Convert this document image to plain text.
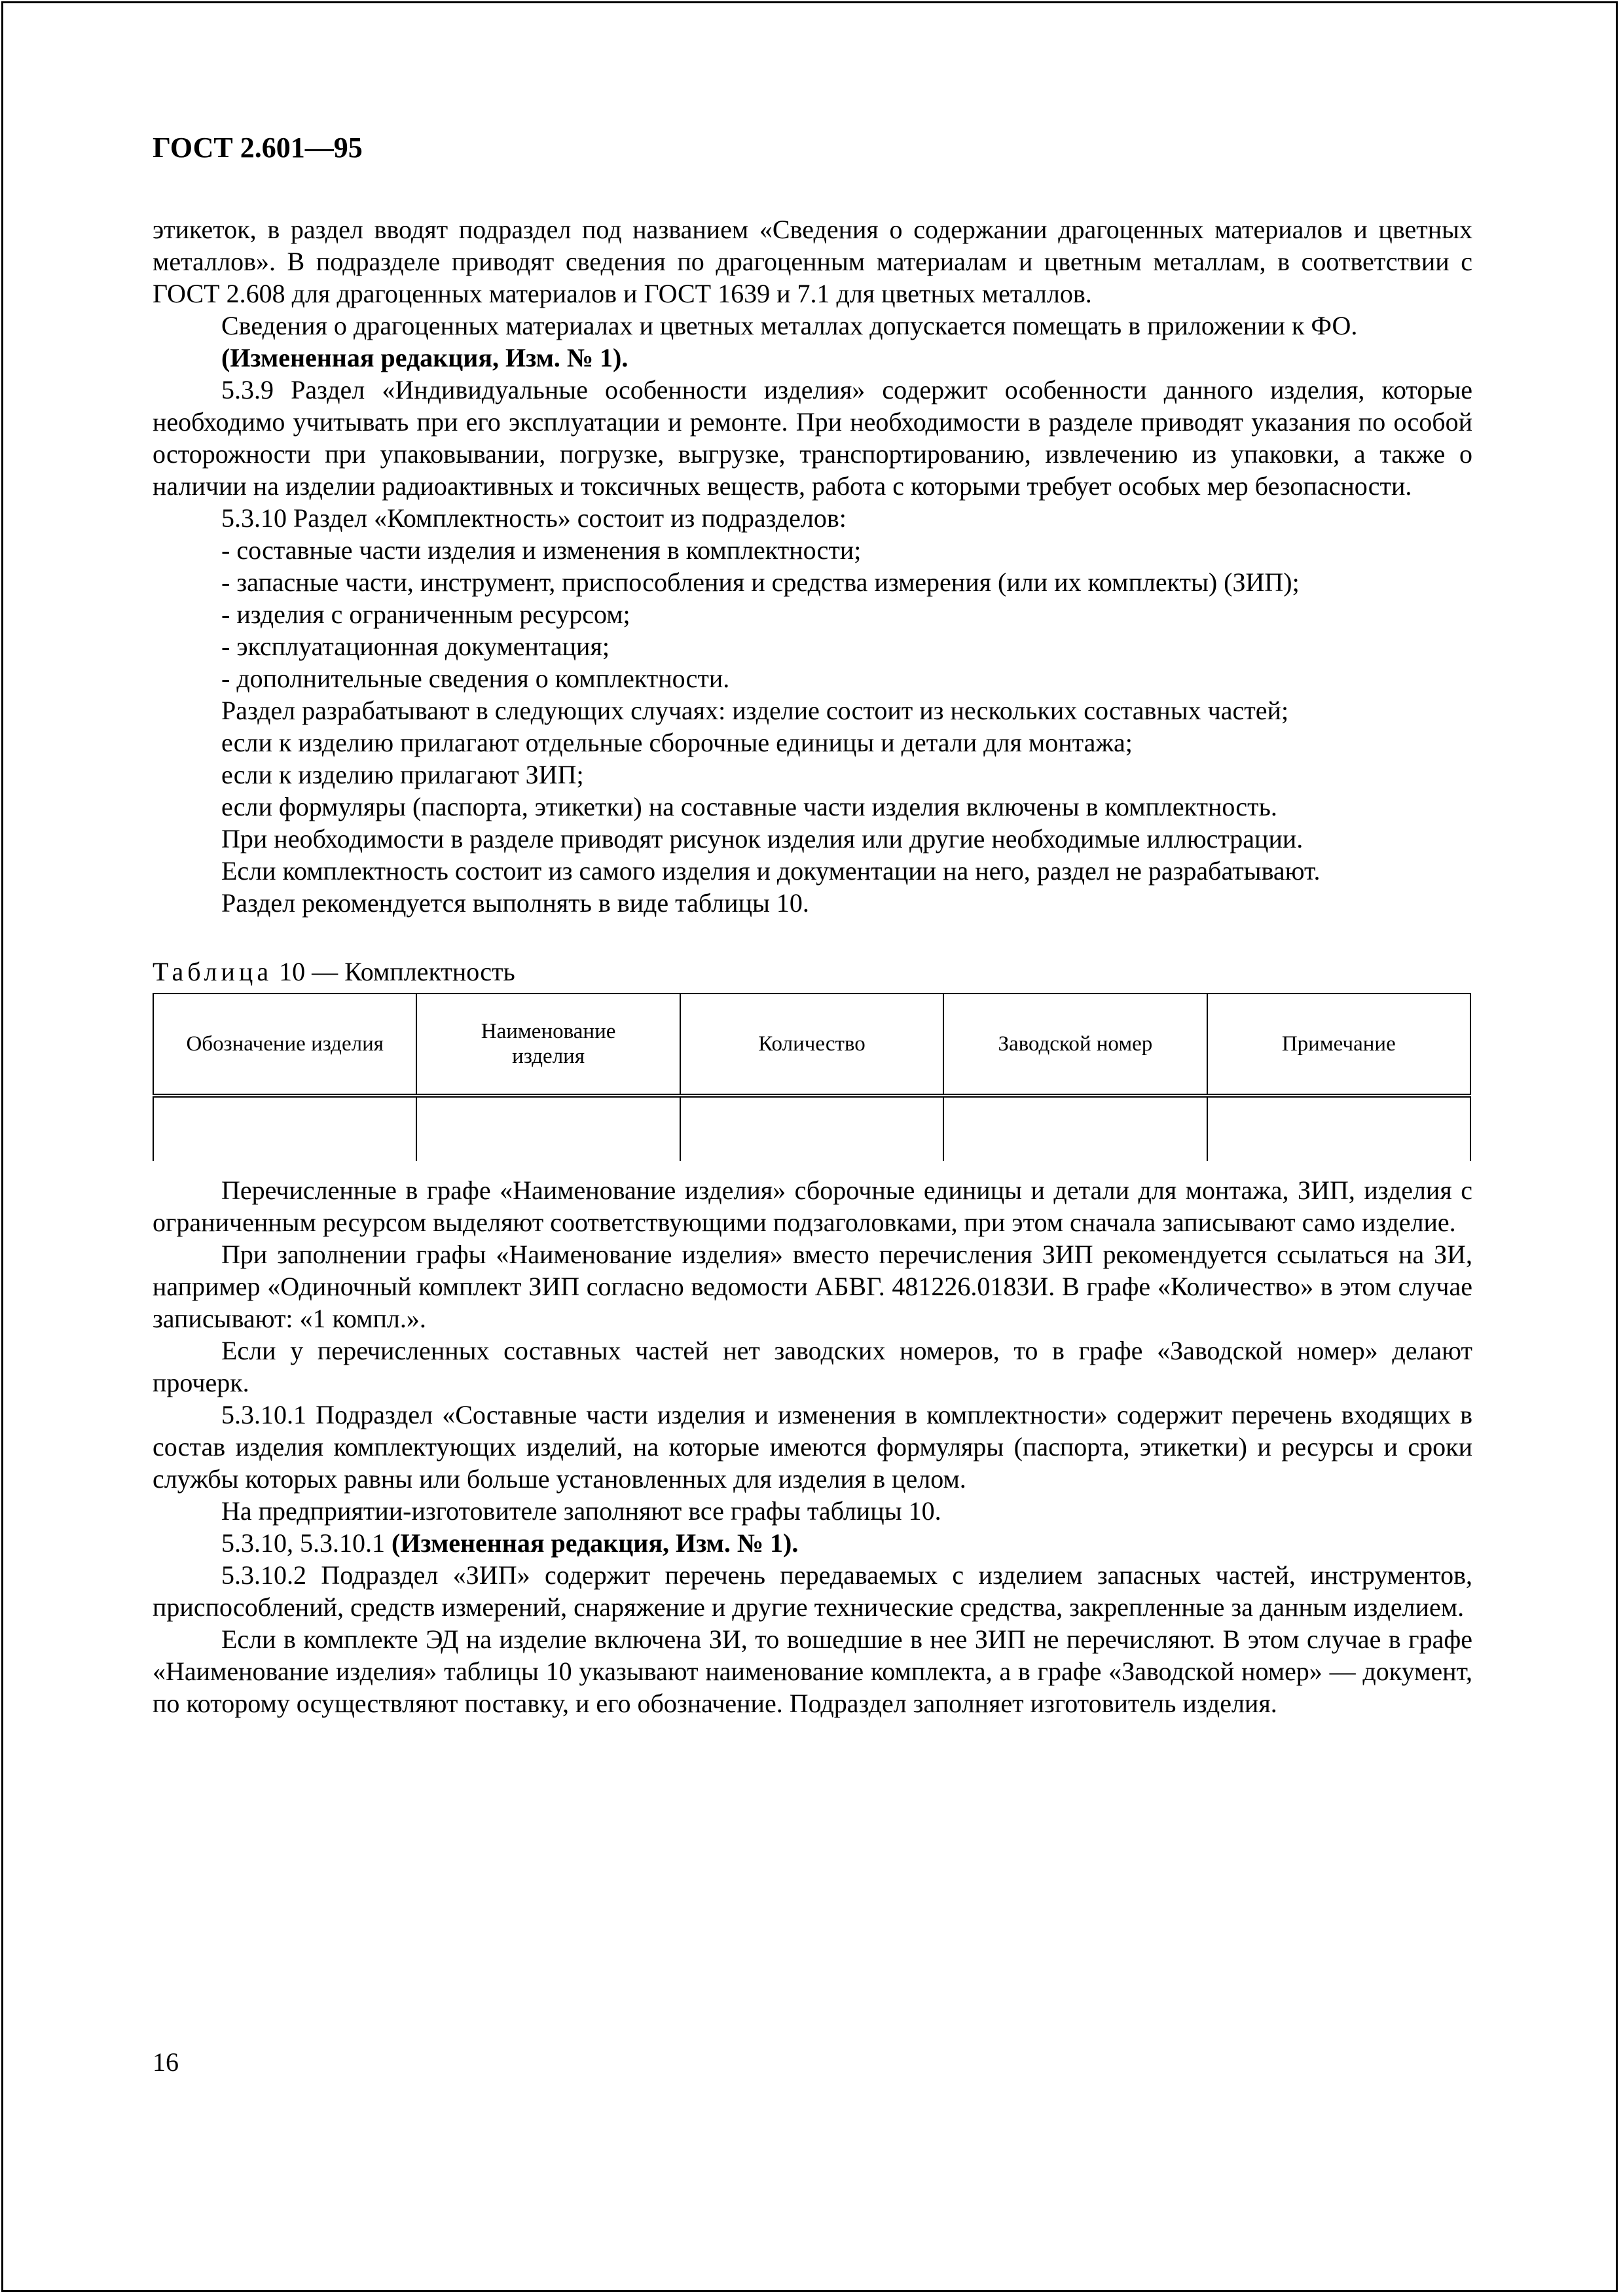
ГОСТ 2.601—95

этикеток, в раздел вводят подраздел под названием «Сведения о содержании драгоценных материалов и цветных металлов». В подразделе приводят сведения по драгоценным материалам и цветным металлам, в соответствии с ГОСТ 2.608 для драгоценных материалов и ГОСТ 1639 и 7.1 для цветных металлов.

Сведения о драгоценных материалах и цветных металлах допускается помещать в приложении к ФО.

(Измененная редакция, Изм. № 1).

5.3.9 Раздел «Индивидуальные особенности изделия» содержит особенности данного изделия, которые необходимо учитывать при его эксплуатации и ремонте. При необходимости в разделе приводят указания по особой осторожности при упаковывании, погрузке, выгрузке, транспортированию, извлечению из упаковки, а также о наличии на изделии радиоактивных и токсичных веществ, работа с которыми требует особых мер безопасности.

5.3.10 Раздел «Комплектность» состоит из подразделов:

- составные части изделия и изменения в комплектности;

- запасные части, инструмент, приспособления и средства измерения (или их комплекты) (ЗИП);

- изделия с ограниченным ресурсом;

- эксплуатационная документация;

- дополнительные сведения о комплектности.

Раздел разрабатывают в следующих случаях: изделие состоит из нескольких составных частей;

если к изделию прилагают отдельные сборочные единицы и детали для монтажа;

если к изделию прилагают ЗИП;

если формуляры (паспорта, этикетки) на составные части изделия включены в комплектность.

При необходимости в разделе приводят рисунок изделия или другие необходимые иллюстрации.

Если комплектность состоит из самого изделия и документации на него, раздел не разрабатывают.

Раздел рекомендуется выполнять в виде таблицы 10.

Таблица 10 — Комплектность

Обозначение изделия	Наименование изделия	Количество	Заводской номер	Примечание

Перечисленные в графе «Наименование изделия» сборочные единицы и детали для монтажа, ЗИП, изделия с ограниченным ресурсом выделяют соответствующими подзаголовками, при этом сначала записывают само изделие.

При заполнении графы «Наименование изделия» вместо перечисления ЗИП рекомендуется ссылаться на ЗИ, например «Одиночный комплект ЗИП согласно ведомости АБВГ. 481226.0183И. В графе «Количество» в этом случае записывают: «1 компл.».

Если у перечисленных составных частей нет заводских номеров, то в графе «Заводской номер» делают прочерк.

5.3.10.1 Подраздел «Составные части изделия и изменения в комплектности» содержит перечень входящих в состав изделия комплектующих изделий, на которые имеются формуляры (паспорта, этикетки) и ресурсы и сроки службы которых равны или больше установленных для изделия в целом.

На предприятии-изготовителе заполняют все графы таблицы 10.

5.3.10, 5.3.10.1 (Измененная редакция, Изм. № 1).

5.3.10.2 Подраздел «ЗИП» содержит перечень передаваемых с изделием запасных частей, инструментов, приспособлений, средств измерений, снаряжение и другие технические средства, закрепленные за данным изделием.

Если в комплекте ЭД на изделие включена ЗИ, то вошедшие в нее ЗИП не перечисляют. В этом случае в графе «Наименование изделия» таблицы 10 указывают наименование комплекта, а в графе «Заводской номер» — документ, по которому осуществляют поставку, и его обозначение. Подраздел заполняет изготовитель изделия.

16
